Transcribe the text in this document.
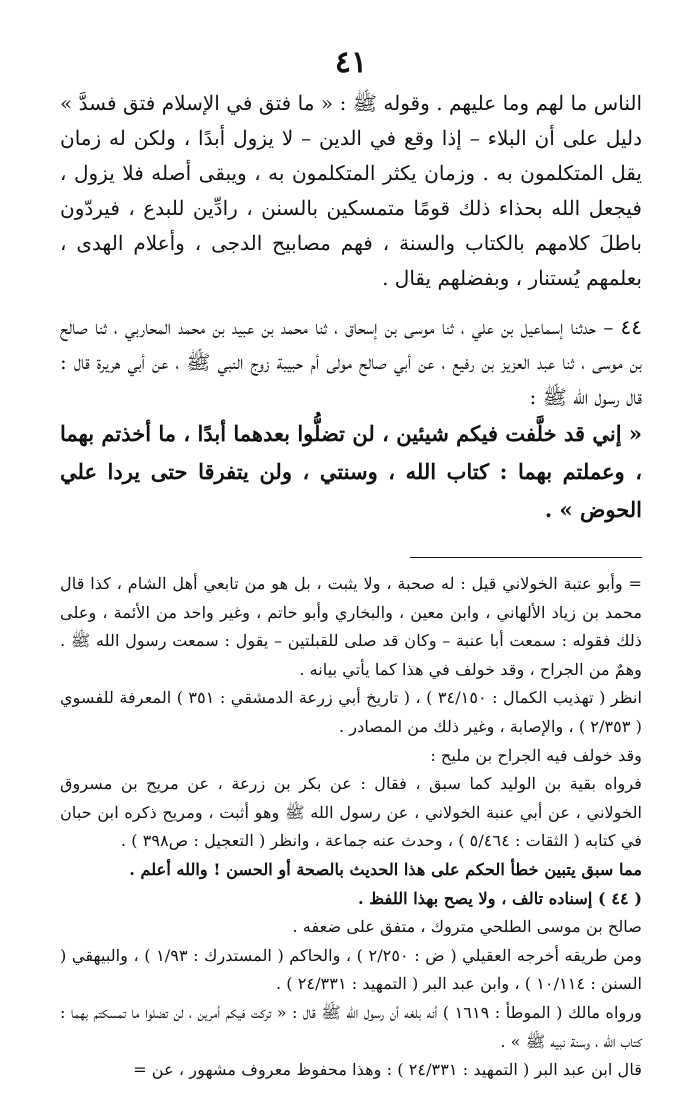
٤١

الناس ما لهم وما عليهم . وقوله ﷺ : « ما فتق في الإسلام فتق فسدَّ » دليل على أن البلاء – إذا وقع في الدين – لا يزول أبدًا ، ولكن له زمان يقل المتكلمون به . وزمان يكثر المتكلمون به ، ويبقى أصله فلا يزول ، فيجعل الله بحذاء ذلك قومًا متمسكين بالسنن ، رادِّين للبدع ، فيردّون باطلَ كلامهم بالكتاب والسنة ، فهم مصابيح الدجى ، وأعلام الهدى ، بعلمهم يُستنار ، وبفضلهم يقال .

٤٤ – حدثنا إسماعيل بن علي ، ثنا موسى بن إسحاق ، ثنا محمد بن عبيد بن محمد المحاربي ، ثنا صالح بن موسى ، ثنا عبد العزيز بن رفيع ، عن أبي صالح مولى أم حبيبة زوج النبي ﷺ ، عن أبي هريرة قال : قال رسول الله ﷺ :

« إني قد خلَّفت فيكم شيئين ، لن تضلُّوا بعدهما أبدًا ، ما أخذتم بهما ، وعملتم بهما : كتاب الله ، وسنتي ، ولن يتفرقا حتى يردا علي الحوض » .

= وأبو عتبة الخولاني قيل : له صحبة ، ولا يثبت ، بل هو من تابعي أهل الشام ، كذا قال محمد بن زياد الألهاني ، وابن معين ، والبخاري وأبو حاتم ، وغير واحد من الأئمة ، وعلى ذلك فقوله : سمعت أبا عنبة – وكان قد صلى للقبلتين – يقول : سمعت رسول الله ﷺ . وهمٌ من الجراح ، وقد خولف في هذا كما يأتي بيانه .

انظر ( تهذيب الكمال : ٣٤/١٥٠ ) ، ( تاريخ أبي زرعة الدمشقي : ٣٥١ ) المعرفة للفسوي ( ٢/٣٥٣ ) ، والإصابة ، وغير ذلك من المصادر .

وقد خولف فيه الجراح بن مليح :

فرواه بقية بن الوليد كما سبق ، فقال : عن بكر بن زرعة ، عن مريح بن مسروق الخولاني ، عن أبي عنبة الخولاني ، عن رسول الله ﷺ وهو أثبت ، ومريح ذكره ابن حبان في كتابه ( الثقات : ٥/٤٦٤ ) ، وحدث عنه جماعة ، وانظر ( التعجيل : ص٣٩٨ ) .

مما سبق يتبين خطأ الحكم على هذا الحديث بالصحة أو الحسن ! والله أعلم .

( ٤٤ ) إسناده تالف ، ولا يصح بهذا اللفظ .

صالح بن موسى الطلحي متروك ، متفق على ضعفه .

ومن طريقه أخرجه العقيلي ( ض : ٢/٢٥٠ ) ، والحاكم ( المستدرك : ١/٩٣ ) ، والبيهقي ( السنن : ١٠/١١٤ ) ، وابن عبد البر ( التمهيد : ٢٤/٣٣١ ) .

ورواه مالك ( الموطأ : ١٦١٩ ) أنه بلغه أن رسول الله ﷺ قال : « تركت فيكم أمرين ، لن تضلوا ما تمسكتم بهما : كتاب الله ، وسنة نبيه ﷺ » .

قال ابن عبد البر ( التمهيد : ٢٤/٣٣١ ) : وهذا محفوظ معروف مشهور ، عن =
